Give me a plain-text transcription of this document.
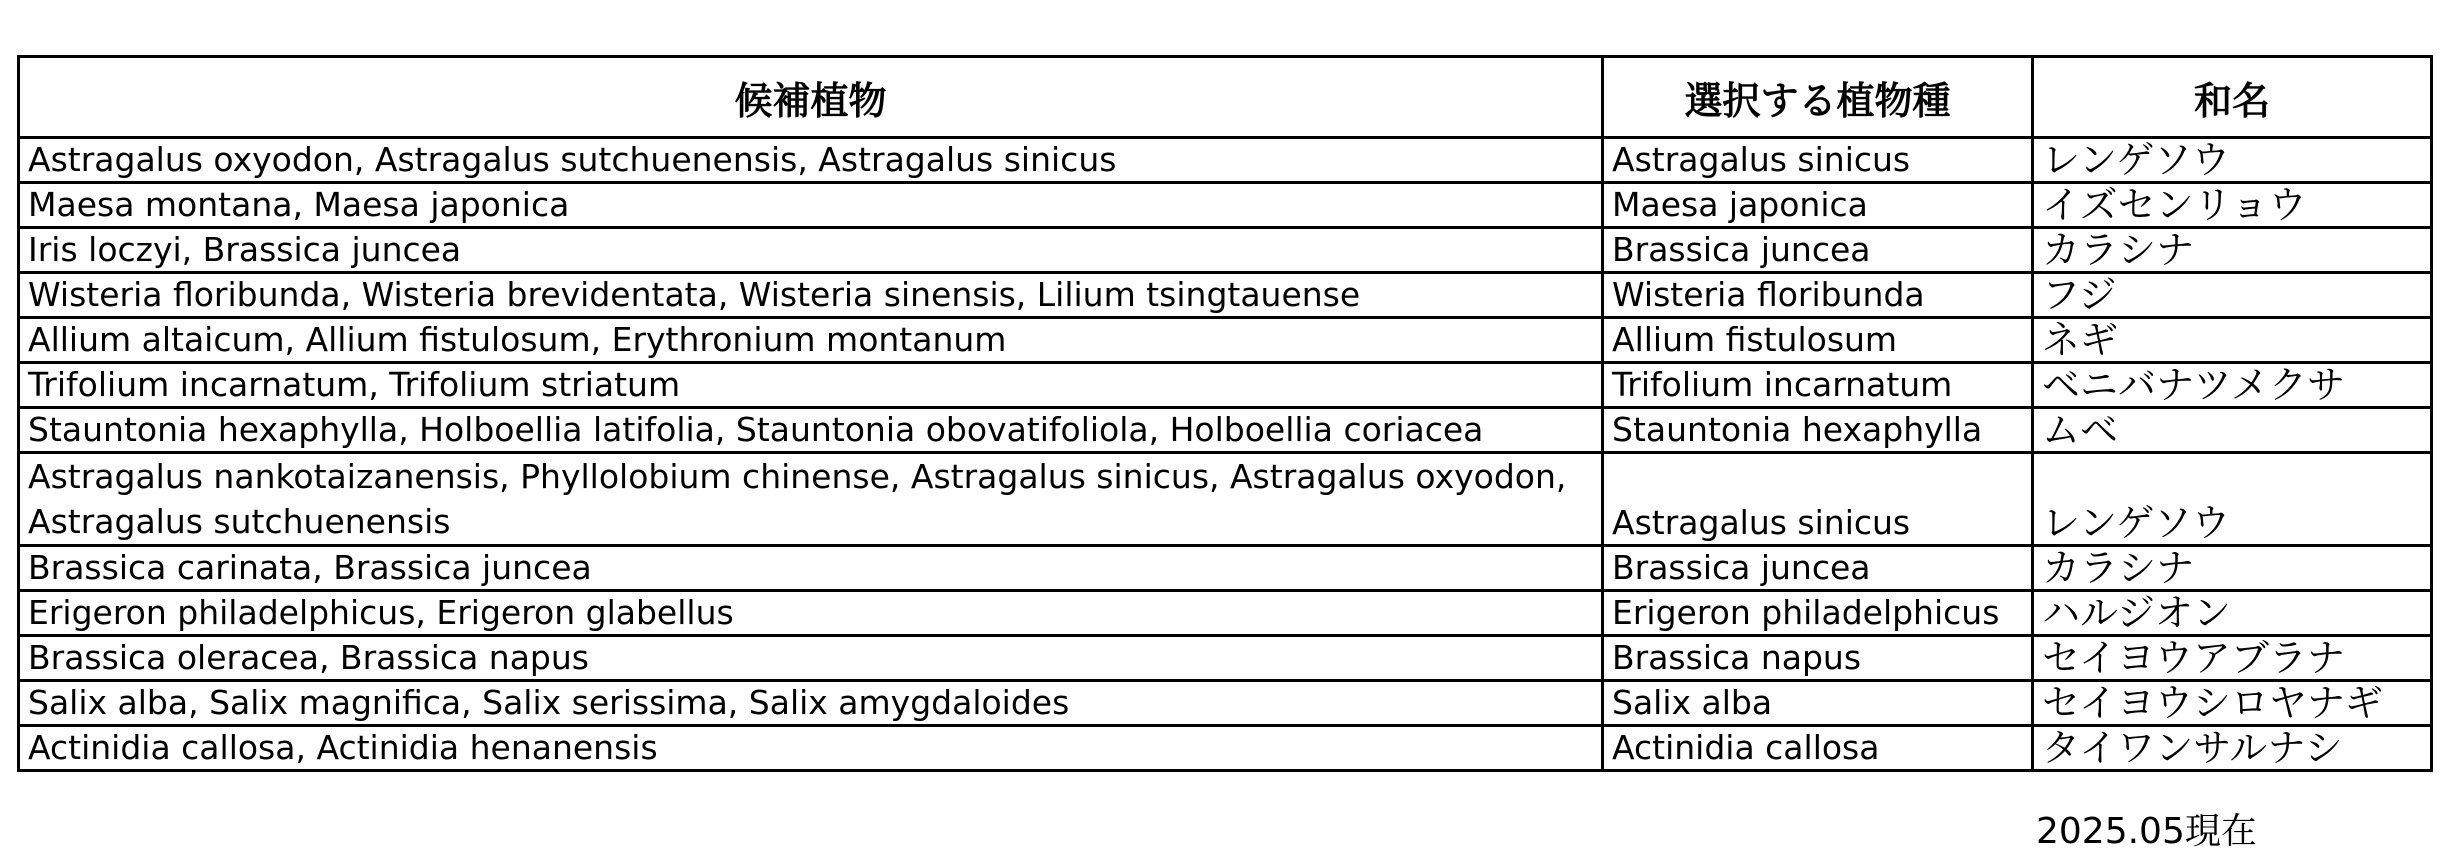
候補植物	選択する植物種	和名
Astragalus oxyodon, Astragalus sutchuenensis, Astragalus sinicus	Astragalus sinicus	レンゲソウ
Maesa montana, Maesa japonica	Maesa japonica	イズセンリョウ
Iris loczyi, Brassica juncea	Brassica juncea	カラシナ
Wisteria floribunda, Wisteria brevidentata, Wisteria sinensis, Lilium tsingtauense	Wisteria floribunda	フジ
Allium altaicum, Allium fistulosum, Erythronium montanum	Allium fistulosum	ネギ
Trifolium incarnatum, Trifolium striatum	Trifolium incarnatum	ベニバナツメクサ
Stauntonia hexaphylla, Holboellia latifolia, Stauntonia obovatifoliola, Holboellia coriacea	Stauntonia hexaphylla	ムベ
Astragalus nankotaizanensis, Phyllolobium chinense, Astragalus sinicus, Astragalus oxyodon, Astragalus sutchuenensis	Astragalus sinicus	レンゲソウ
Brassica carinata, Brassica juncea	Brassica juncea	カラシナ
Erigeron philadelphicus, Erigeron glabellus	Erigeron philadelphicus	ハルジオン
Brassica oleracea, Brassica napus	Brassica napus	セイヨウアブラナ
Salix alba, Salix magnifica, Salix serissima, Salix amygdaloides	Salix alba	セイヨウシロヤナギ
Actinidia callosa, Actinidia henanensis	Actinidia callosa	タイワンサルナシ
2025.05現在
